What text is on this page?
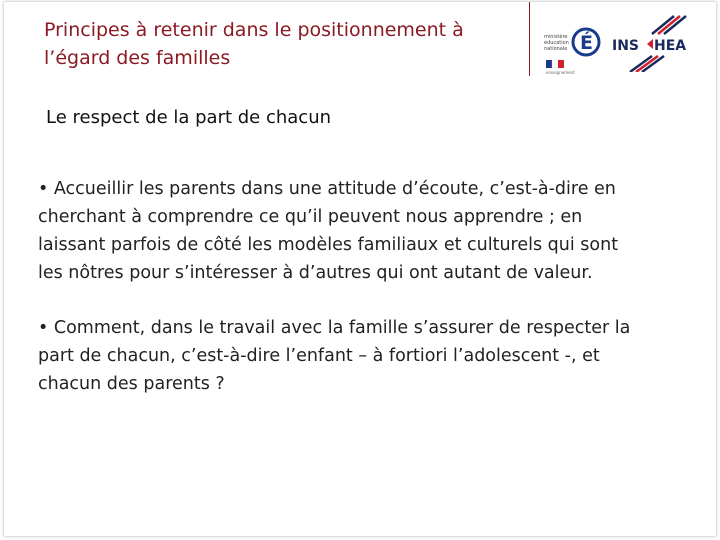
Principes à retenir dans le positionnement à
l’égard des familles
ministère
éducation
nationale É
enseignement
INS HEA
Le respect de la part de chacun

• Accueillir les parents dans une attitude d’écoute, c’est-à-dire en
cherchant à comprendre ce qu’il peuvent nous apprendre ; en
laissant parfois de côté les modèles familiaux et culturels qui sont
les nôtres pour s’intéresser à d’autres qui ont autant de valeur.

• Comment, dans le travail avec la famille s’assurer de respecter la
part de chacun, c’est-à-dire l’enfant – à fortiori l’adolescent -, et
chacun des parents ?
